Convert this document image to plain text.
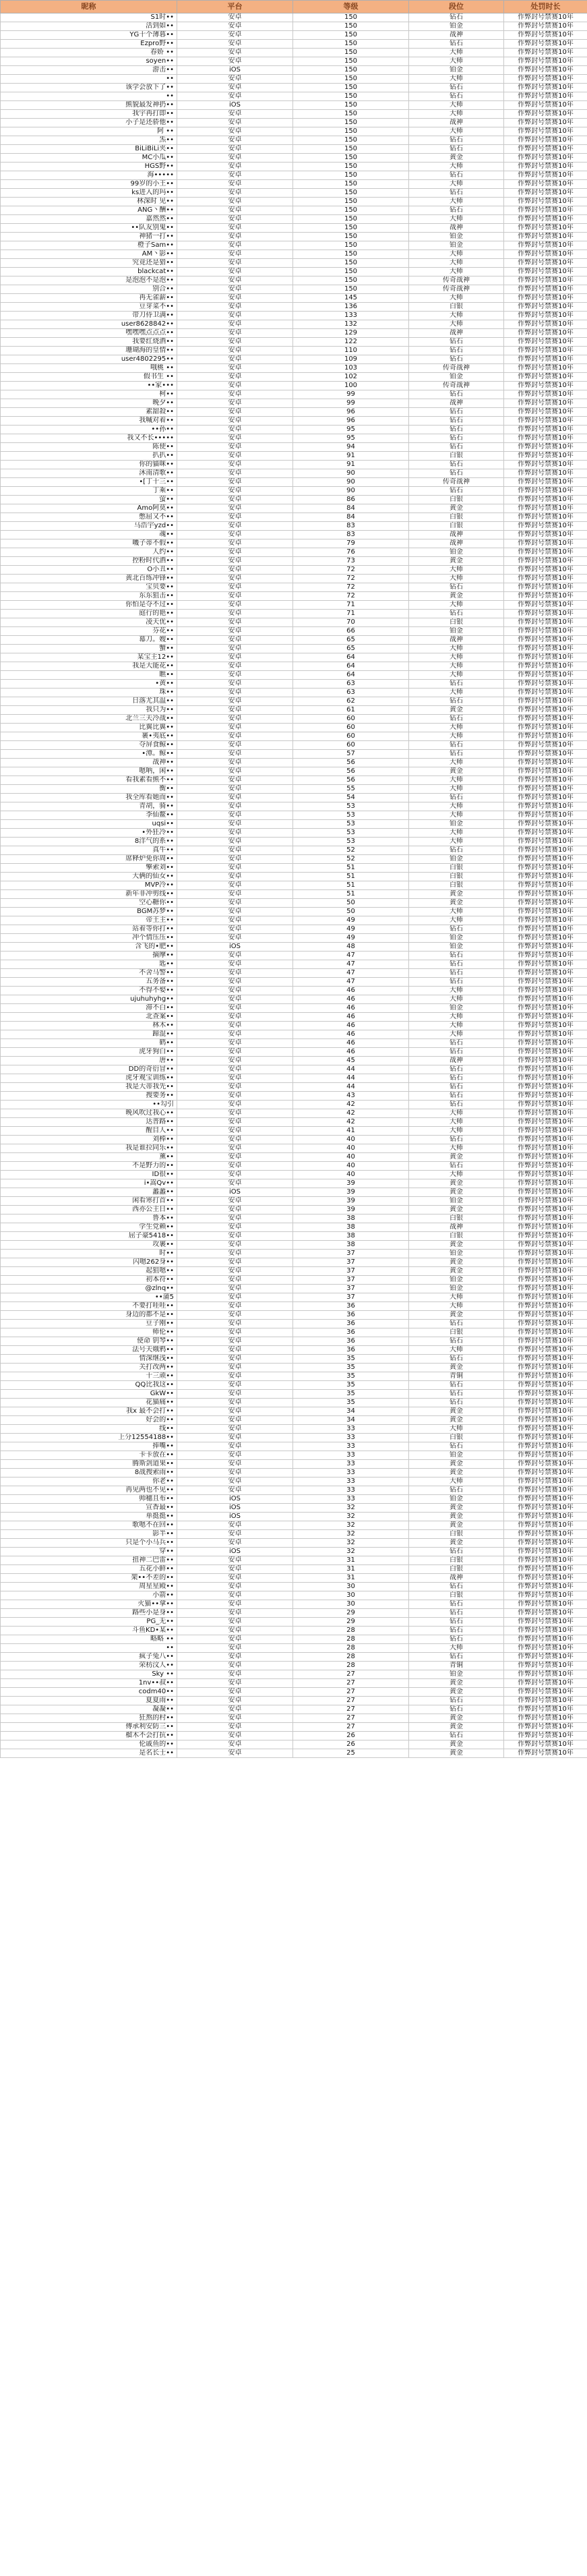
昵称	平台	等级	段位	处罚时长
S1时••	安卓	150	钻石	作弊封号禁赛10年
活到如••	安卓	150	铂金	作弊封号禁赛10年
YG十个薄暮••	安卓	150	战神	作弊封号禁赛10年
Ezpro野••	安卓	150	钻石	作弊封号禁赛10年
春娇 ••	安卓	150	大师	作弊封号禁赛10年
soyen••	安卓	150	大师	作弊封号禁赛10年
游击••	iOS	150	铂金	作弊封号禁赛10年
••	安卓	150	大师	作弊封号禁赛10年
该学会放下了••	安卓	150	钻石	作弊封号禁赛10年
••	安卓	150	钻石	作弊封号禁赛10年
熊貌最发神扔••	iOS	150	大师	作弊封号禁赛10年
我宇再打即••	安卓	150	大师	作弊封号禁赛10年
小子是还骄他••	安卓	150	战神	作弊封号禁赛10年
阿 ••	安卓	150	大师	作弊封号禁赛10年
炁••	安卓	150	钻石	作弊封号禁赛10年
BiLiBiLi夹••	安卓	150	钻石	作弊封号禁赛10年
MC小瓜••	安卓	150	黄金	作弊封号禁赛10年
HGS野••	安卓	150	大师	作弊封号禁赛10年
海•••••	安卓	150	钻石	作弊封号禁赛10年
99岁的小王••	安卓	150	大师	作弊封号禁赛10年
ks进入的玛••	安卓	150	钻石	作弊封号禁赛10年
林深时 见••	安卓	150	大师	作弊封号禁赛10年
ANG丶酬••	安卓	150	钻石	作弊封号禁赛10年
嘉然然••	安卓	150	大师	作弊封号禁赛10年
••队友别鬼••	安卓	150	战神	作弊封号禁赛10年
神猪一打••	安卓	150	铂金	作弊封号禁赛10年
橙子Sam••	安卓	150	铂金	作弊封号禁赛10年
AM丶影••	安卓	150	大师	作弊封号禁赛10年
究竟还是猎••	安卓	150	大师	作弊封号禁赛10年
blackcat••	安卓	150	大师	作弊封号禁赛10年
是泡泡不是泡••	安卓	150	传奇战神	作弊封号禁赛10年
别合••	安卓	150	传奇战神	作弊封号禁赛10年
再无雀薪••	安卓	145	大师	作弊封号禁赛10年
豆芽菜不••	安卓	136	白银	作弊封号禁赛10年
带刀侍卫满••	安卓	133	大师	作弊封号禁赛10年
user8628842••	安卓	132	大师	作弊封号禁赛10年
嘿嘿嘿点点点••	安卓	129	战神	作弊封号禁赛10年
我要红烧酒••	安卓	122	钻石	作弊封号禁赛10年
珊瑚海的皇情••	安卓	110	钻石	作弊封号禁赛10年
user4802295••	安卓	109	钻石	作弊封号禁赛10年
哦桃 ••	安卓	103	传奇战神	作弊封号禁赛10年
假书生 ••	安卓	102	铂金	作弊封号禁赛10年
••家•••	安卓	100	传奇战神	作弊封号禁赛10年
柯••	安卓	99	钻石	作弊封号禁赛10年
晚夕••	安卓	99	战神	作弊封号禁赛10年
素甜殺••	安卓	96	钻石	作弊封号禁赛10年
我喊对着••	安卓	96	钻石	作弊封号禁赛10年
••孙••	安卓	95	钻石	作弊封号禁赛10年
我又不长•••••	安卓	95	钻石	作弊封号禁赛10年
陈使••	安卓	94	钻石	作弊封号禁赛10年
扒扒••	安卓	91	白银	作弊封号禁赛10年
你的貓咪••	安卓	91	钻石	作弊封号禁赛10年
沐南清歌••	安卓	90	钻石	作弊封号禁赛10年
•[丁十三••	安卓	90	传奇战神	作弊封号禁赛10年
丁乘••	安卓	90	钻石	作弊封号禁赛10年
萤••	安卓	86	白银	作弊封号禁赛10年
Amo阿莫••	安卓	84	黄金	作弊封号禁赛10年
憋屈又不••	安卓	84	白银	作弊封号禁赛10年
马浩宇yzd••	安卓	83	白银	作弊封号禁赛10年
魂••	安卓	83	战神	作弊封号禁赛10年
嘰子蒂不假••	安卓	79	战神	作弊封号禁赛10年
人约••	安卓	76	铂金	作弊封号禁赛10年
控粉时代酒••	安卓	73	黄金	作弊封号禁赛10年
O小丑••	安卓	72	大师	作弊封号禁赛10年
黄北百练冲锋••	安卓	72	大师	作弊封号禁赛10年
宝贝要••	安卓	72	钻石	作弊封号禁赛10年
东东狙击••	安卓	72	黄金	作弊封号禁赛10年
你怕是夺不过••	安卓	71	大师	作弊封号禁赛10年
庭行的艳••	安卓	71	钻石	作弊封号禁赛10年
凌天优••	安卓	70	白银	作弊封号禁赛10年
芬花••	安卓	66	铂金	作弊封号禁赛10年
幕刀。嫂••	安卓	65	战神	作弊封号禁赛10年
蟹••	安卓	65	大师	作弊封号禁赛10年
某宝主12••	安卓	64	大师	作弊封号禁赛10年
我是大能花••	安卓	64	大师	作弊封号禁赛10年
瞧••	安卓	64	大师	作弊封号禁赛10年
•黄••	安卓	63	钻石	作弊封号禁赛10年
珠••	安卓	63	大师	作弊封号禁赛10年
日落尤其温••	安卓	62	钻石	作弊封号禁赛10年
我只为••	安卓	61	黄金	作弊封号禁赛10年
北兰三天冷战••	安卓	60	钻石	作弊封号禁赛10年
比翼比翼••	安卓	60	大师	作弊封号禁赛10年
裹•夷底••	安卓	60	大师	作弊封号禁赛10年
夺屏食鲸••	安卓	60	钻石	作弊封号禁赛10年
•潭。鲸••	安卓	57	钻石	作弊封号禁赛10年
战神••	安卓	56	大师	作弊封号禁赛10年
嗯呐，闲••	安卓	56	黄金	作弊封号禁赛10年
看我素看熊不••	安卓	56	大师	作弊封号禁赛10年
衡••	安卓	55	大师	作弊封号禁赛10年
我全库看她而••	安卓	54	钻石	作弊封号禁赛10年
青胡，骑••	安卓	53	大师	作弊封号禁赛10年
李仙鳌••	安卓	53	大师	作弊封号禁赛10年
uqsi••	安卓	53	铂金	作弊封号禁赛10年
•外狂冷••	安卓	53	大师	作弊封号禁赛10年
8洋气的系••	安卓	53	大师	作弊封号禁赛10年
真牛••	安卓	52	钻石	作弊封号禁赛10年
席释炉免你周••	安卓	52	铂金	作弊封号禁赛10年
擎索刘••	安卓	51	白银	作弊封号禁赛10年
大俩的仙女••	安卓	51	白银	作弊封号禁赛10年
MVP冷••	安卓	51	白银	作弊封号禁赛10年
新年非冲剪线••	安卓	51	黄金	作弊封号禁赛10年
空心糖你••	安卓	50	黄金	作弊封号禁赛10年
BGM苏梦••	安卓	50	大师	作弊封号禁赛10年
帝王主••	安卓	49	大师	作弊封号禁赛10年
站着等你打••	安卓	49	钻石	作弊封号禁赛10年
冲个情压压••	安卓	49	铂金	作弊封号禁赛10年
含飞的•肥••	iOS	48	铂金	作弊封号禁赛10年
摘摩••	安卓	47	钻石	作弊封号禁赛10年
匙••	安卓	47	钻石	作弊封号禁赛10年
不舍马警••	安卓	47	钻石	作弊封号禁赛10年
五务备••	安卓	47	钻石	作弊封号禁赛10年
不得不娶••	安卓	46	大师	作弊封号禁赛10年
ujuhuhyhg••	安卓	46	大师	作弊封号禁赛10年
滞不白••	安卓	46	铂金	作弊封号禁赛10年
北查案••	安卓	46	大师	作弊封号禁赛10年
林木••	安卓	46	大师	作弊封号禁赛10年
蹄混••	安卓	46	大师	作弊封号禁赛10年
鹤••	安卓	46	钻石	作弊封号禁赛10年
虎牙狗白••	安卓	46	钻石	作弊封号禁赛10年
唐••	安卓	45	战神	作弊封号禁赛10年
DD的奇衍冒••	安卓	44	钻石	作弊封号禁赛10年
虎牙观宝训练••	安卓	44	钻石	作弊封号禁赛10年
我是大蒂我先••	安卓	44	钻石	作弊封号禁赛10年
搜要务••	安卓	43	钻石	作弊封号禁赛10年
••勾引	安卓	42	钻石	作弊封号禁赛10年
晚风吹过我心••	安卓	42	大师	作弊封号禁赛10年
达普路••	安卓	42	大师	作弊封号禁赛10年
醒目人••	安卓	41	大师	作弊封号禁赛10年
刘棒••	安卓	40	钻石	作弊封号禁赛10年
我是谁拉同乐••	安卓	40	大师	作弊封号禁赛10年
薰••	安卓	40	黄金	作弊封号禁赛10年
不是野力的••	安卓	40	钻石	作弊封号禁赛10年
ID很••	安卓	40	大师	作弊封号禁赛10年
i•嵩Qv••	安卓	39	黄金	作弊封号禁赛10年
蠡蠡••	iOS	39	黄金	作弊封号禁赛10年
闲看寒打首••	安卓	39	铂金	作弊封号禁赛10年
西亦公主日••	安卓	39	黄金	作弊封号禁赛10年
鲁本••	安卓	38	白银	作弊封号禁赛10年
学生党赖••	安卓	38	战神	作弊封号禁赛10年
屈子豪5418••	安卓	38	白银	作弊封号禁赛10年
攻裹••	安卓	38	黄金	作弊封号禁赛10年
时••	安卓	37	铂金	作弊封号禁赛10年
闪嗯262身••	安卓	37	黄金	作弊封号禁赛10年
起狙嗯••	安卓	37	黄金	作弊封号禁赛10年
初本符••	安卓	37	铂金	作弊封号禁赛10年
@zlnq••	安卓	37	铂金	作弊封号禁赛10年
••蒲5	安卓	37	大师	作弊封号禁赛10年
不要打哇哇••	安卓	36	大师	作弊封号禁赛10年
身边的都不是••	安卓	36	黄金	作弊封号禁赛10年
豆子刚••	安卓	36	钻石	作弊封号禁赛10年
师伦••	安卓	36	白银	作弊封号禁赛10年
使命 钥琴••	安卓	36	钻石	作弊封号禁赛10年
法号天娥鸦••	安卓	36	大师	作弊封号禁赛10年
情深继浅••	安卓	35	钻石	作弊封号禁赛10年
关打改两••	安卓	35	黄金	作弊封号禁赛10年
十三顽••	安卓	35	青铜	作弊封号禁赛10年
QQ比我这••	安卓	35	钻石	作弊封号禁赛10年
GkW••	安卓	35	钻石	作弊封号禁赛10年
花猫痛••	安卓	35	钻石	作弊封号禁赛10年
我x 最不会打••	安卓	34	黄金	作弊封号禁赛10年
好会的••	安卓	34	黄金	作弊封号禁赛10年
线••	安卓	33	大师	作弊封号禁赛10年
上分12554188••	安卓	33	白银	作弊封号禁赛10年
捧嘴••	安卓	33	钻石	作弊封号禁赛10年
卡卡放在••	安卓	33	铂金	作弊封号禁赛10年
腾斯剑道果••	安卓	33	黄金	作弊封号禁赛10年
8战搜索雨••	安卓	33	黄金	作弊封号禁赛10年
你老••	安卓	33	大师	作弊封号禁赛10年
再见两也不见••	安卓	33	钻石	作弊封号禁赛10年
帅穗且布••	iOS	33	铂金	作弊封号禁赛10年
宣香最••	iOS	32	黄金	作弊封号禁赛10年
单挺挺••	iOS	32	黄金	作弊封号禁赛10年
歌嗯不在回••	安卓	32	黄金	作弊封号禁赛10年
影半••	安卓	32	白银	作弊封号禁赛10年
只是个小马兵••	安卓	32	黄金	作弊封号禁赛10年
穿••	iOS	32	钻石	作弊封号禁赛10年
扭神二巴雷••	安卓	31	白银	作弊封号禁赛10年
五花小鲜••	安卓	31	白银	作弊封号禁赛10年
架••不差的••	安卓	31	战神	作弊封号禁赛10年
周星星殿••	安卓	30	钻石	作弊封号禁赛10年
小箭••	安卓	30	白银	作弊封号禁赛10年
火猫••拿••	安卓	30	钻石	作弊封号禁赛10年
路些小是身••	安卓	29	钻石	作弊封号禁赛10年
PG_无••	安卓	29	钻石	作弊封号禁赛10年
斗鱼KD•某••	安卓	28	钻石	作弊封号禁赛10年
略略 ••	安卓	28	钻石	作弊封号禁赛10年
••	安卓	28	大师	作弊封号禁赛10年
疯子兔八••	安卓	28	钻石	作弊封号禁赛10年
荣枋汶人••	安卓	28	青铜	作弊封号禁赛10年
Sky ••	安卓	27	铂金	作弊封号禁赛10年
1nv••叔••	安卓	27	黄金	作弊封号禁赛10年
codm40••	安卓	27	黄金	作弊封号禁赛10年
夏夏雨••	安卓	27	钻石	作弊封号禁赛10年
凝凝••	安卓	27	钻石	作弊封号禁赛10年
狂熬的村••	安卓	27	黄金	作弊封号禁赛10年
傅承利安防三••	安卓	27	黄金	作弊封号禁赛10年
榴木不会打抗••	安卓	26	钻石	作弊封号禁赛10年
伦戚鱼的••	安卓	26	黄金	作弊封号禁赛10年
是名长士••	安卓	25	黄金	作弊封号禁赛10年
